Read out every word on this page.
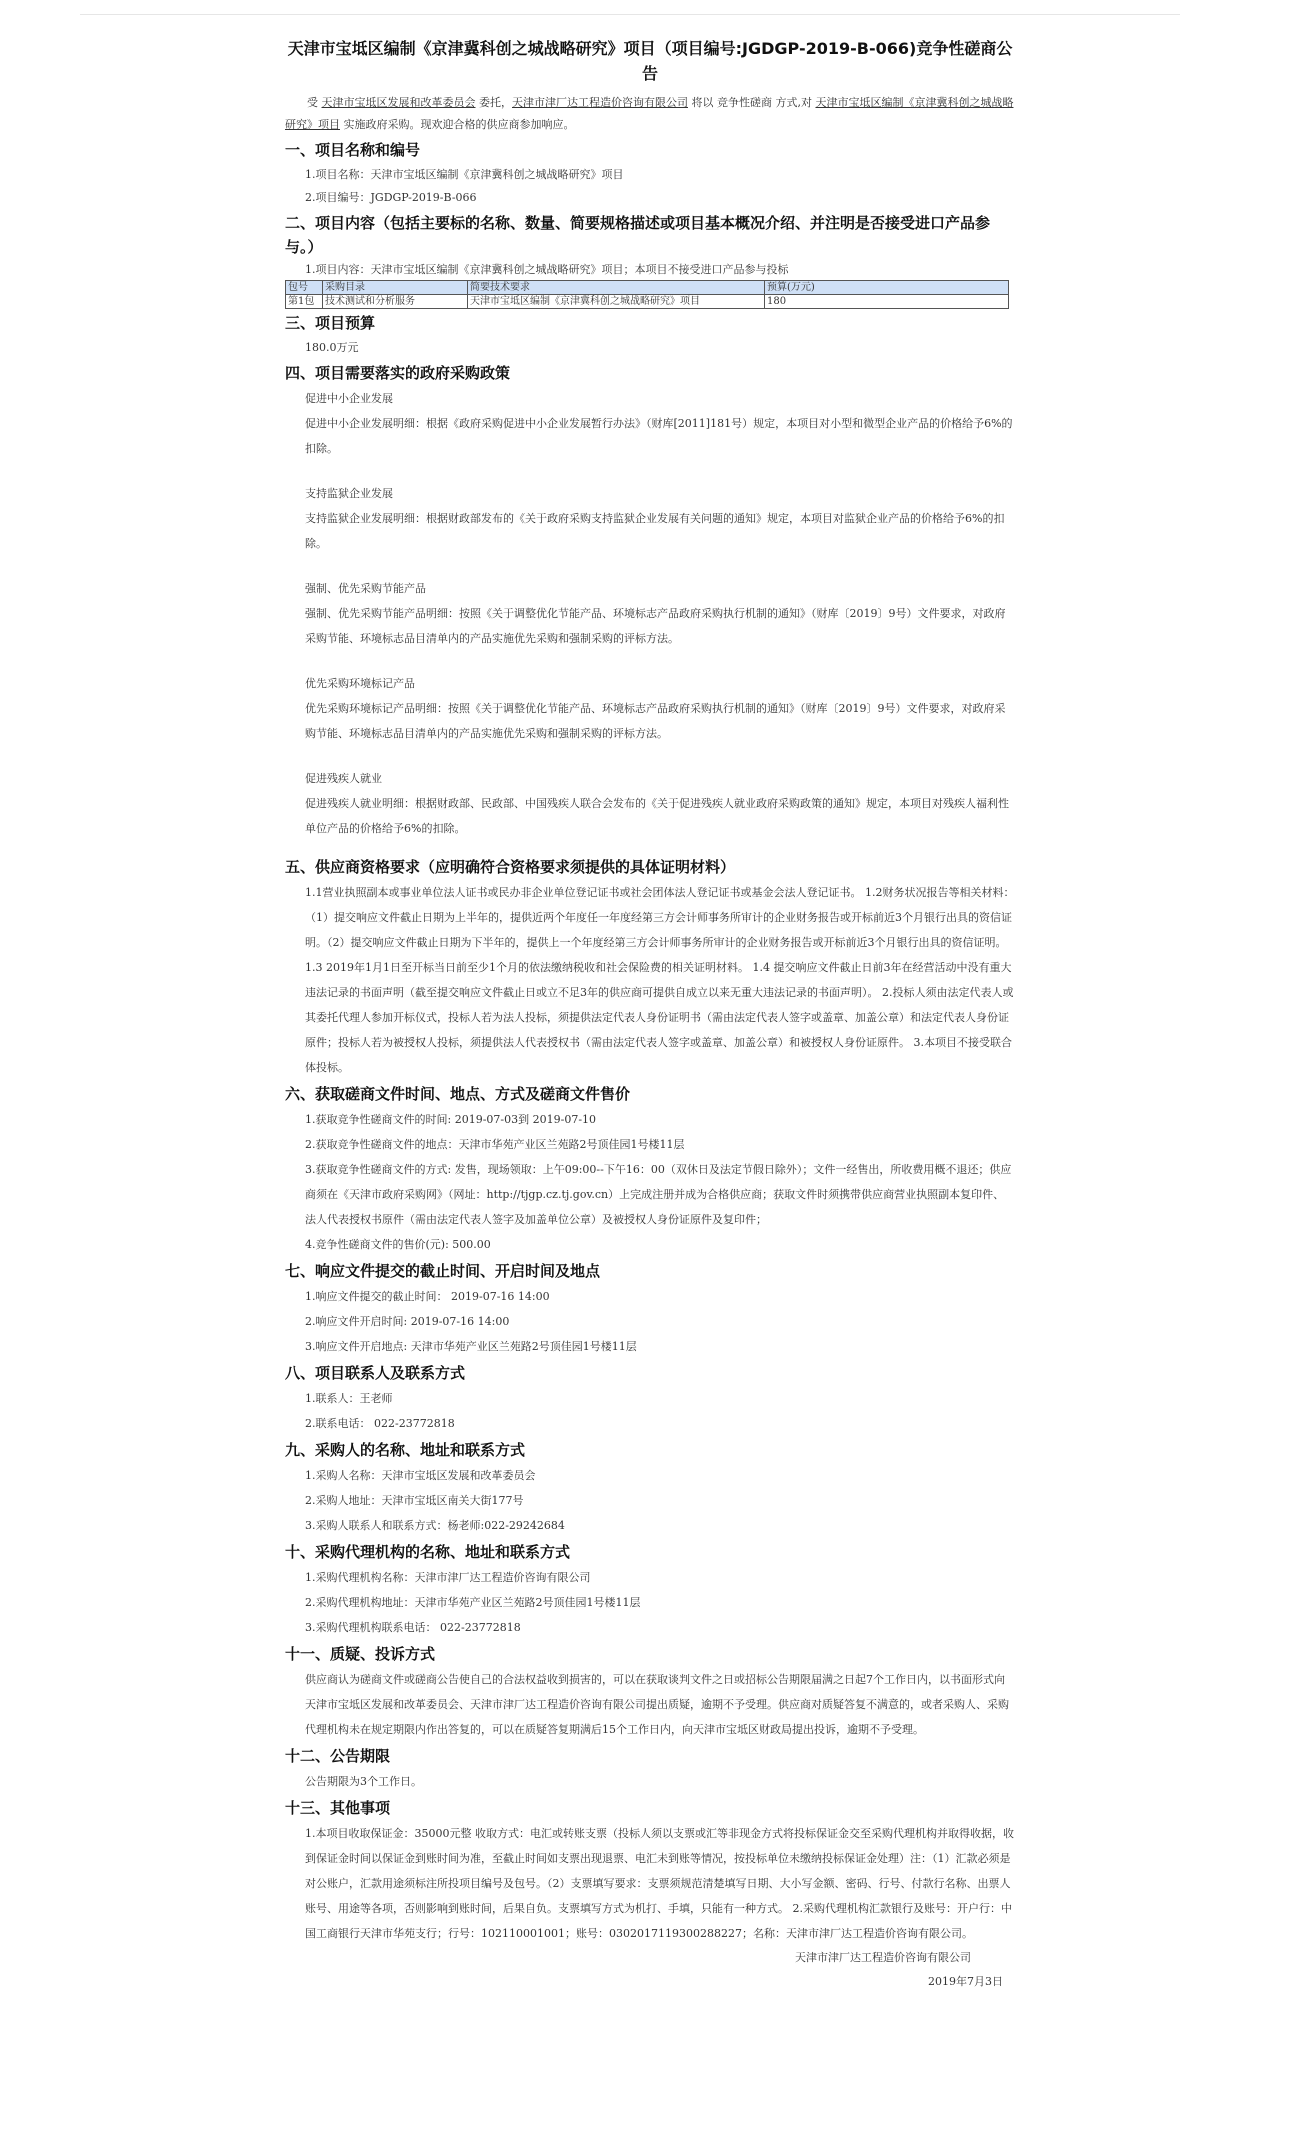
天津市宝坻区编制《京津冀科创之城战略研究》项目（项目编号:JGDGP-2019-B-066)竞争性磋商公告

受 天津市宝坻区发展和改革委员会 委托，天津市津厂达工程造价咨询有限公司 将以 竞争性磋商 方式,对 天津市宝坻区编制《京津冀科创之城战略研究》项目 实施政府采购。现欢迎合格的供应商参加响应。

一、项目名称和编号

1.项目名称：天津市宝坻区编制《京津冀科创之城战略研究》项目

2.项目编号：JGDGP-2019-B-066

二、项目内容（包括主要标的名称、数量、简要规格描述或项目基本概况介绍、并注明是否接受进口产品参与。）

1.项目内容：天津市宝坻区编制《京津冀科创之城战略研究》项目；本项目不接受进口产品参与投标

包号	采购目录	简要技术要求	预算(万元)
第1包	技术测试和分析服务	天津市宝坻区编制《京津冀科创之城战略研究》项目	180
三、项目预算

180.0万元

四、项目需要落实的政府采购政策

促进中小企业发展

促进中小企业发展明细：根据《政府采购促进中小企业发展暂行办法》（财库[2011]181号）规定，本项目对小型和微型企业产品的价格给予6%的扣除。

支持监狱企业发展

支持监狱企业发展明细：根据财政部发布的《关于政府采购支持监狱企业发展有关问题的通知》规定，本项目对监狱企业产品的价格给予6%的扣除。

强制、优先采购节能产品

强制、优先采购节能产品明细：按照《关于调整优化节能产品、环境标志产品政府采购执行机制的通知》（财库〔2019〕9号）文件要求，对政府采购节能、环境标志品目清单内的产品实施优先采购和强制采购的评标方法。

优先采购环境标记产品

优先采购环境标记产品明细：按照《关于调整优化节能产品、环境标志产品政府采购执行机制的通知》（财库〔2019〕9号）文件要求，对政府采购节能、环境标志品目清单内的产品实施优先采购和强制采购的评标方法。

促进残疾人就业

促进残疾人就业明细：根据财政部、民政部、中国残疾人联合会发布的《关于促进残疾人就业政府采购政策的通知》规定，本项目对残疾人福利性单位产品的价格给予6%的扣除。

五、供应商资格要求（应明确符合资格要求须提供的具体证明材料）

1.1营业执照副本或事业单位法人证书或民办非企业单位登记证书或社会团体法人登记证书或基金会法人登记证书。 1.2财务状况报告等相关材料：（1）提交响应文件截止日期为上半年的，提供近两个年度任一年度经第三方会计师事务所审计的企业财务报告或开标前近3个月银行出具的资信证明。（2）提交响应文件截止日期为下半年的，提供上一个年度经第三方会计师事务所审计的企业财务报告或开标前近3个月银行出具的资信证明。 1.3 2019年1月1日至开标当日前至少1个月的依法缴纳税收和社会保险费的相关证明材料。 1.4 提交响应文件截止日前3年在经营活动中没有重大违法记录的书面声明（截至提交响应文件截止日或立不足3年的供应商可提供自成立以来无重大违法记录的书面声明）。 2.投标人须由法定代表人或其委托代理人参加开标仪式，投标人若为法人投标，须提供法定代表人身份证明书（需由法定代表人签字或盖章、加盖公章）和法定代表人身份证原件；投标人若为被授权人投标，须提供法人代表授权书（需由法定代表人签字或盖章、加盖公章）和被授权人身份证原件。 3.本项目不接受联合体投标。

六、获取磋商文件时间、地点、方式及磋商文件售价

1.获取竞争性磋商文件的时间: 2019-07-03到 2019-07-10

2.获取竞争性磋商文件的地点：天津市华苑产业区兰苑路2号顶佳园1号楼11层

3.获取竞争性磋商文件的方式: 发售，现场领取：上午09:00--下午16：00（双休日及法定节假日除外）；文件一经售出，所收费用概不退还；供应商须在《天津市政府采购网》（网址：http://tjgp.cz.tj.gov.cn）上完成注册并成为合格供应商；获取文件时须携带供应商营业执照副本复印件、法人代表授权书原件（需由法定代表人签字及加盖单位公章）及被授权人身份证原件及复印件；

4.竞争性磋商文件的售价(元): 500.00

七、响应文件提交的截止时间、开启时间及地点

1.响应文件提交的截止时间： 2019-07-16 14:00

2.响应文件开启时间: 2019-07-16 14:00

3.响应文件开启地点: 天津市华苑产业区兰苑路2号顶佳园1号楼11层

八、项目联系人及联系方式

1.联系人：王老师

2.联系电话： 022-23772818

九、采购人的名称、地址和联系方式

1.采购人名称：天津市宝坻区发展和改革委员会

2.采购人地址：天津市宝坻区南关大街177号

3.采购人联系人和联系方式：杨老师:022-29242684

十、采购代理机构的名称、地址和联系方式

1.采购代理机构名称：天津市津厂达工程造价咨询有限公司

2.采购代理机构地址：天津市华苑产业区兰苑路2号顶佳园1号楼11层

3.采购代理机构联系电话： 022-23772818

十一、质疑、投诉方式

供应商认为磋商文件或磋商公告使自己的合法权益收到损害的，可以在获取谈判文件之日或招标公告期限届满之日起7个工作日内，以书面形式向 天津市宝坻区发展和改革委员会、天津市津厂达工程造价咨询有限公司提出质疑，逾期不予受理。供应商对质疑答复不满意的，或者采购人、采购代理机构未在规定期限内作出答复的，可以在质疑答复期满后15个工作日内，向天津市宝坻区财政局提出投诉，逾期不予受理。

十二、公告期限

公告期限为3个工作日。

十三、其他事项

1.本项目收取保证金：35000元整 收取方式：电汇或转账支票（投标人须以支票或汇等非现金方式将投标保证金交至采购代理机构并取得收据，收到保证金时间以保证金到账时间为准，至截止时间如支票出现退票、电汇未到账等情况，按投标单位未缴纳投标保证金处理）注：（1）汇款必须是对公账户，汇款用途须标注所投项目编号及包号。（2）支票填写要求：支票须规范清楚填写日期、大小写金额、密码、行号、付款行名称、出票人账号、用途等各项，否则影响到账时间，后果自负。支票填写方式为机打、手填，只能有一种方式。 2.采购代理机构汇款银行及账号：开户行：中国工商银行天津市华苑支行；行号：102110001001；账号：0302017119300288227；名称：天津市津厂达工程造价咨询有限公司。

天津市津厂达工程造价咨询有限公司

2019年7月3日
